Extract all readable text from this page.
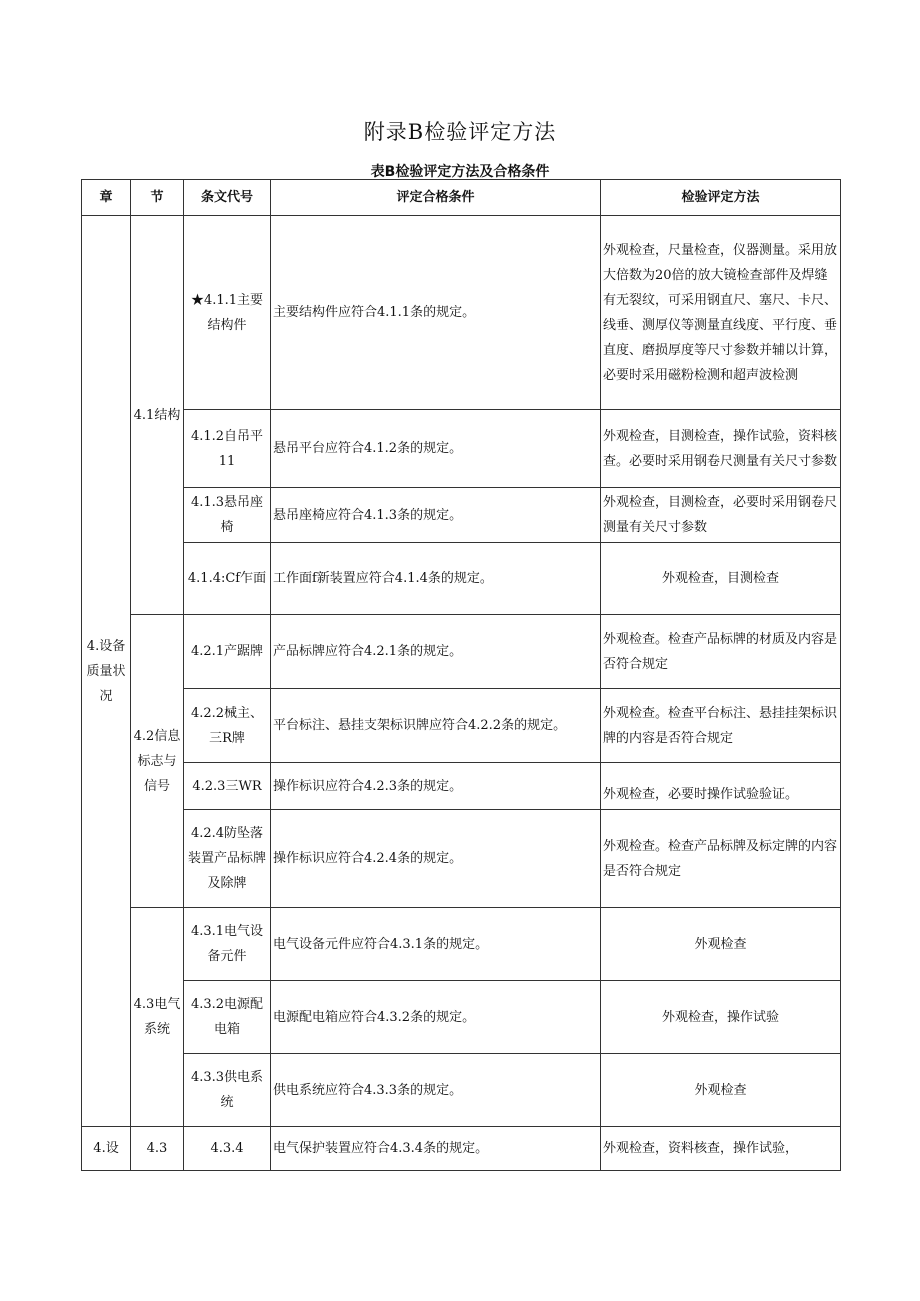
附录B检验评定方法
表B检验评定方法及合格条件
章	节	条文代号	评定合格条件	检验评定方法
4.设备质量状况	4.1结构	★4.1.1主要结构件	主要结构件应符合4.1.1条的规定。	外观检查，尺量检查，仪器测量。采用放大倍数为20倍的放大镜检查部件及焊缝有无裂纹，可采用钢直尺、塞尺、卡尺、线垂、测厚仪等测量直线度、平行度、垂直度、磨损厚度等尺寸参数并辅以计算，必要时采用磁粉检测和超声波检测
		4.1.2自吊平11	悬吊平台应符合4.1.2条的规定。	外观检查，目测检查，操作试验，资料核查。必要时采用钢卷尺测量有关尺寸参数
		4.1.3悬吊座椅	悬吊座椅应符合4.1.3条的规定。	外观检查，目测检查，必要时采用钢卷尺测量有关尺寸参数
		4.1.4:Cf乍面	工作面f新装置应符合4.1.4条的规定。	外观检查，目测检查
	4.2信息标志与信号	4.2.1产踞牌	产品标牌应符合4.2.1条的规定。	外观检查。检查产品标牌的材质及内容是否符合规定
		4.2.2械主、三R牌	平台标注、悬挂支架标识牌应符合4.2.2条的规定。	外观检查。检查平台标注、悬挂挂架标识牌的内容是否符合规定
		4.2.3三WR	操作标识应符合4.2.3条的规定。	外观检查，必要时操作试验验证。
		4.2.4防坠落装置产品标牌及除牌	操作标识应符合4.2.4条的规定。	外观检查。检查产品标牌及标定牌的内容是否符合规定
	4.3电气系统	4.3.1电气设备元件	电气设备元件应符合4.3.1条的规定。	外观检查
		4.3.2电源配电箱	电源配电箱应符合4.3.2条的规定。	外观检查，操作试验
		4.3.3供电系统	供电系统应符合4.3.3条的规定。	外观检查
4.设	4.3	4.3.4	电气保护装置应符合4.3.4条的规定。	外观检查，资料核查，操作试验，
